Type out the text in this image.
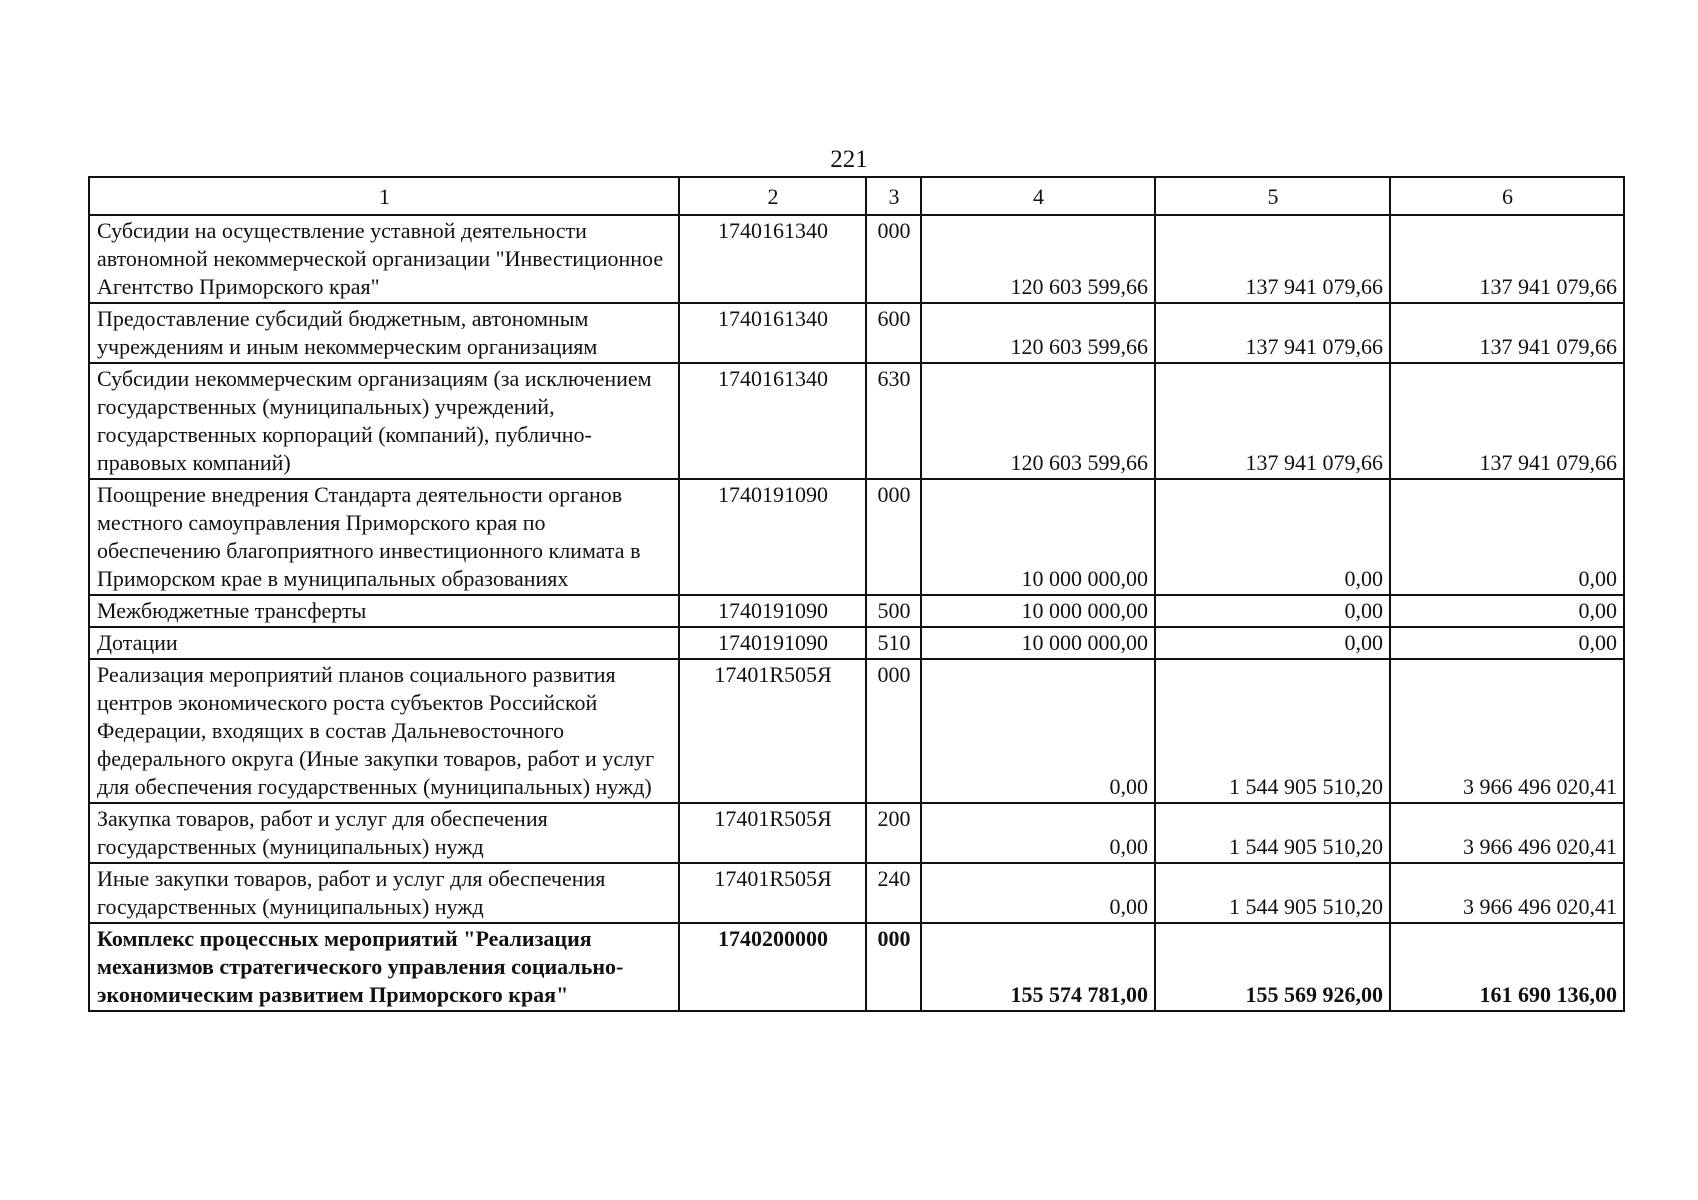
221
1	2	3	4	5	6
Субсидии на осуществление уставной деятельности автономной некоммерческой организации "Инвестиционное Агентство Приморского края"	1740161340	000	120 603 599,66	137 941 079,66	137 941 079,66
Предоставление субсидий бюджетным, автономным учреждениям и иным некоммерческим организациям	1740161340	600	120 603 599,66	137 941 079,66	137 941 079,66
Субсидии некоммерческим организациям (за исключением государственных (муниципальных) учреждений, государственных корпораций (компаний), публично-правовых компаний)	1740161340	630	120 603 599,66	137 941 079,66	137 941 079,66
Поощрение внедрения Стандарта деятельности органов местного самоуправления Приморского края по обеспечению благоприятного инвестиционного климата в Приморском крае в муниципальных образованиях	1740191090	000	10 000 000,00	0,00	0,00
Межбюджетные трансферты	1740191090	500	10 000 000,00	0,00	0,00
Дотации	1740191090	510	10 000 000,00	0,00	0,00
Реализация мероприятий планов социального развития центров экономического роста субъектов Российской Федерации, входящих в состав Дальневосточного федерального округа (Иные закупки товаров, работ и услуг для обеспечения государственных (муниципальных) нужд)	17401R505Я	000	0,00	1 544 905 510,20	3 966 496 020,41
Закупка товаров, работ и услуг для обеспечения государственных (муниципальных) нужд	17401R505Я	200	0,00	1 544 905 510,20	3 966 496 020,41
Иные закупки товаров, работ и услуг для обеспечения государственных (муниципальных) нужд	17401R505Я	240	0,00	1 544 905 510,20	3 966 496 020,41
Комплекс процессных мероприятий "Реализация механизмов стратегического управления социально-экономическим развитием Приморского края"	1740200000	000	155 574 781,00	155 569 926,00	161 690 136,00
